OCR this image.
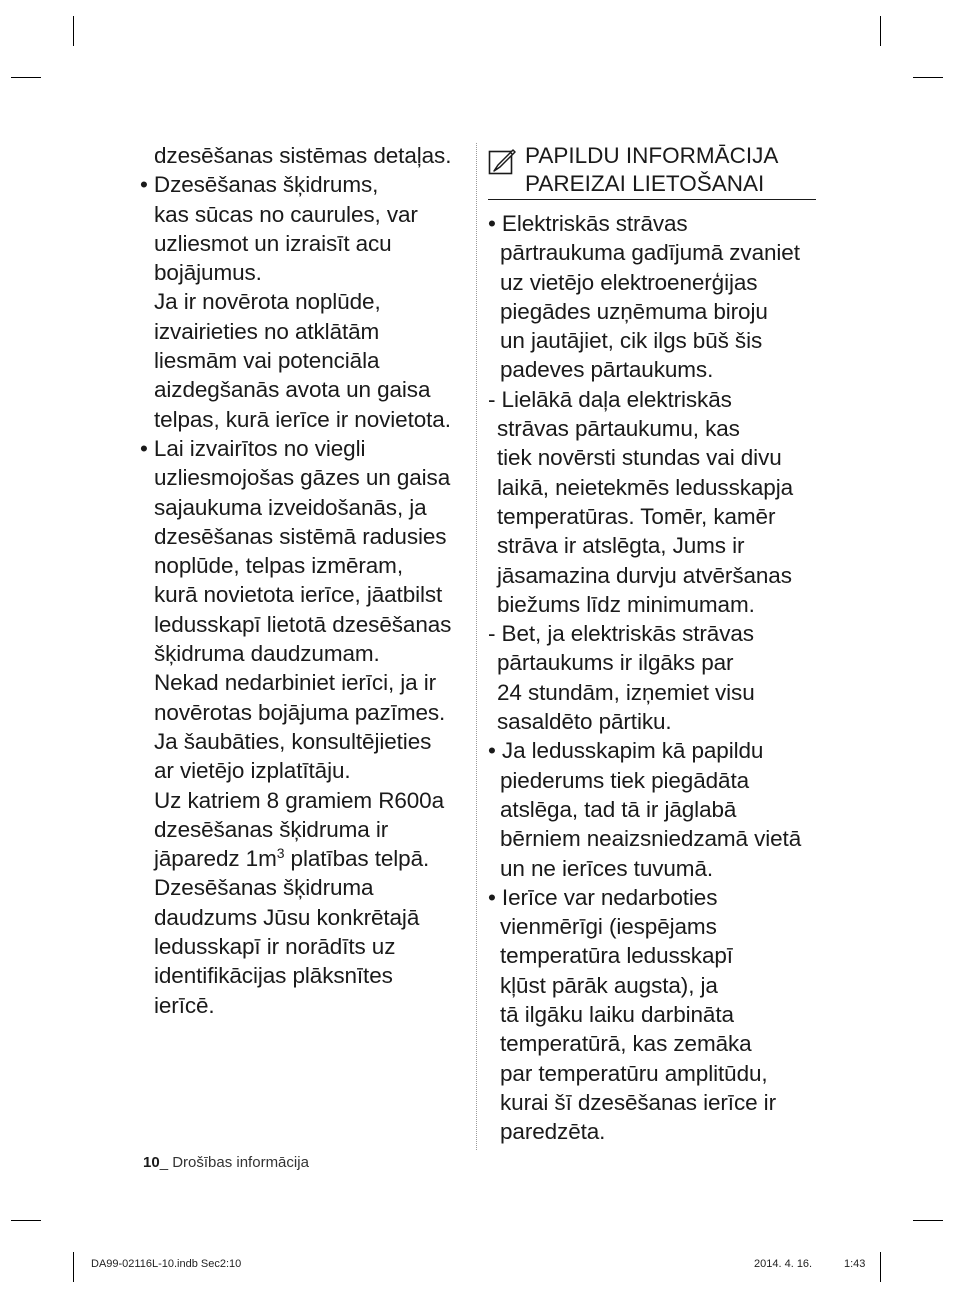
dzesēšanas sistēmas detaļas.
• Dzesēšanas šķidrums,
kas sūcas no caurules, var
uzliesmot un izraisīt acu
bojājumus.
Ja ir novērota noplūde,
izvairieties no atklātām
liesmām vai potenciāla
aizdegšanās avota un gaisa
telpas, kurā ierīce ir novietota.
• Lai izvairītos no viegli
uzliesmojošas gāzes un gaisa
sajaukuma izveidošanās, ja
dzesēšanas sistēmā radusies
noplūde, telpas izmēram,
kurā novietota ierīce, jāatbilst
ledusskapī lietotā dzesēšanas
šķidruma daudzumam.
Nekad nedarbiniet ierīci, ja ir
novērotas bojājuma pazīmes.
Ja šaubāties, konsultējieties
ar vietējo izplatītāju.
Uz katriem 8 gramiem R600a
dzesēšanas šķidruma ir
jāparedz $1m^3$ platības telpā.
Dzesēšanas šķidruma
daudzums Jūsu konkrētajā
ledusskapī ir norādīts uz
identifikācijas plāksnītes
ierīcē.
PAPILDU INFORMĀCIJA
PAREIZAI LIETOŠANAI
• Elektriskās strāvas
pārtraukuma gadījumā zvaniet
uz vietējo elektroenerģijas
piegādes uzņēmuma biroju
un jautājiet, cik ilgs būš šis
padeves pārtaukums.
- Lielākā daļa elektriskās
strāvas pārtaukumu, kas
tiek novērsti stundas vai divu
laikā, neietekmēs ledusskapja
temperatūras. Tomēr, kamēr
strāva ir atslēgta, Jums ir
jāsamazina durvju atvēršanas
biežums līdz minimumam.
- Bet, ja elektriskās strāvas
pārtaukums ir ilgāks par
24 stundām, izņemiet visu
sasaldēto pārtiku.
• Ja ledusskapim kā papildu
piederums tiek piegādāta
atslēga, tad tā ir jāglabā
bērniem neaizsniedzamā vietā
un ne ierīces tuvumā.
• Ierīce var nedarboties
vienmērīgi (iespējams
temperatūra ledusskapī
kļūst pārāk augsta), ja
tā ilgāku laiku darbināta
temperatūrā, kas zemāka
par temperatūru amplitūdu,
kurai šī dzesēšanas ierīce ir
paredzēta.
10_ Drošības informācija
DA99-02116L-10.indb Sec2:10	2014. 4. 16.	1:43
